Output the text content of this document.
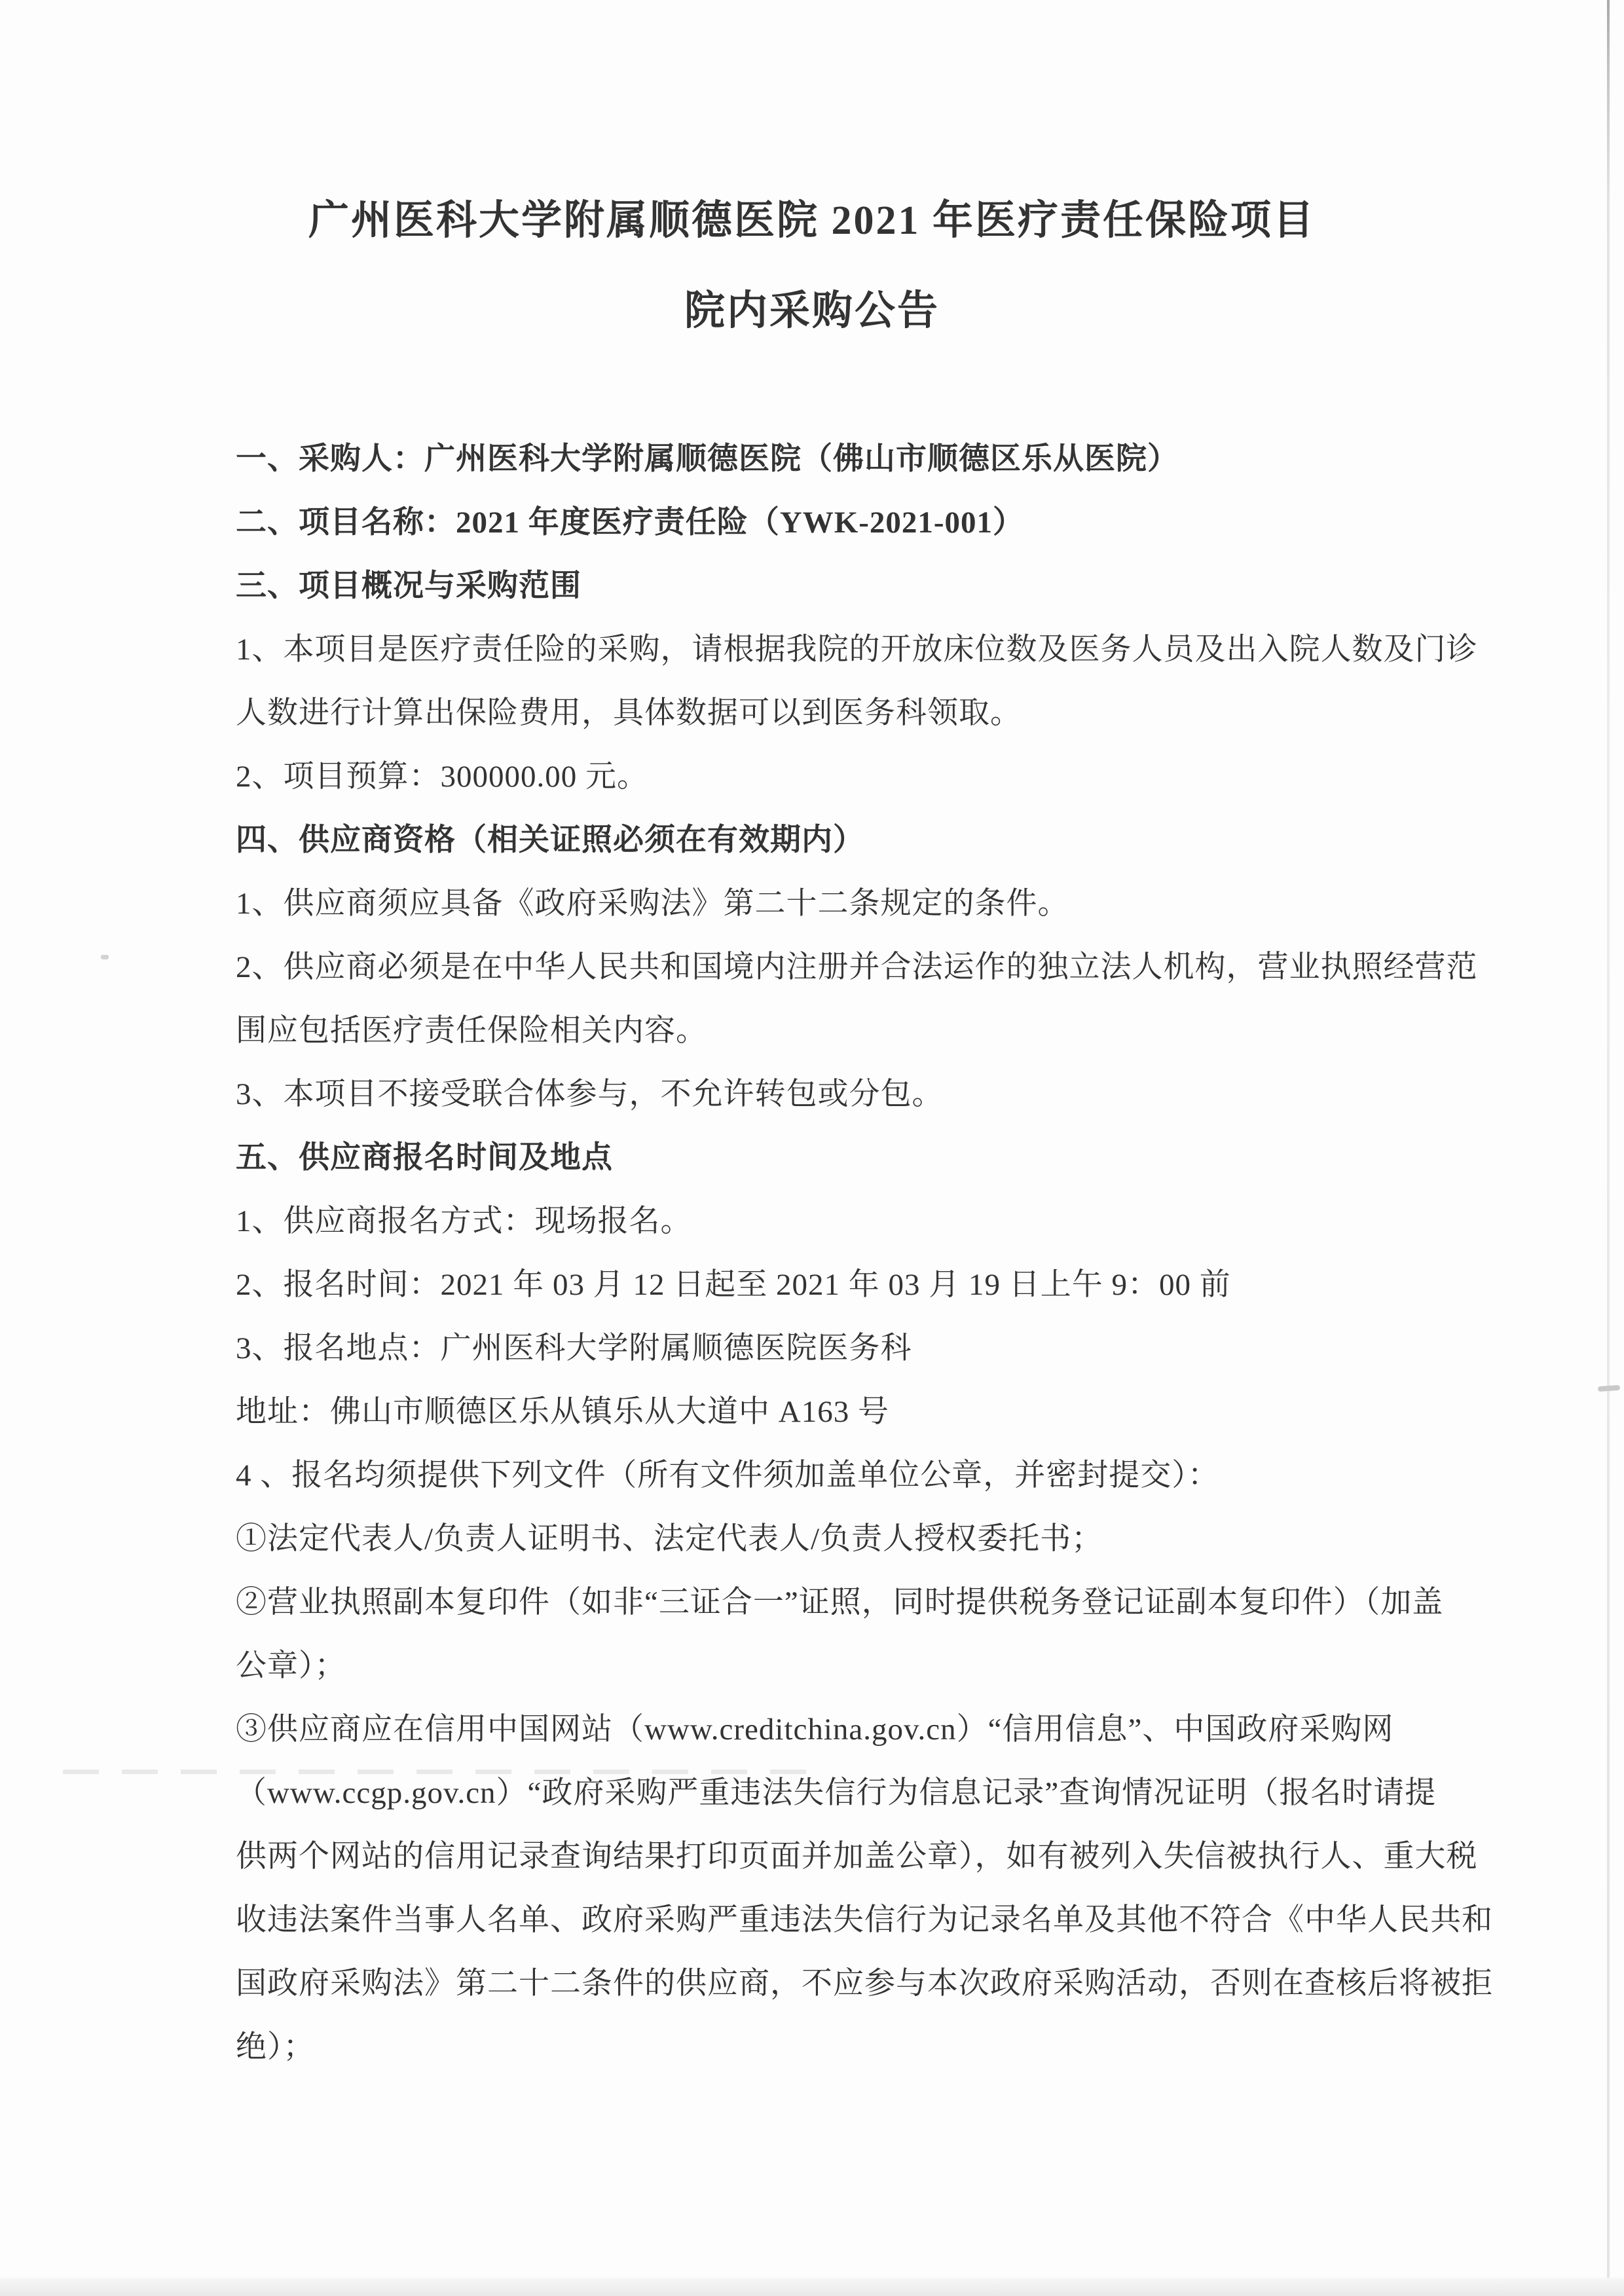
广州医科大学附属顺德医院 2021 年医疗责任保险项目
院内采购公告
一、采购人：广州医科大学附属顺德医院（佛山市顺德区乐从医院）
二、项目名称：2021 年度医疗责任险（YWK-2021-001）
三、项目概况与采购范围
1、本项目是医疗责任险的采购，请根据我院的开放床位数及医务人员及出入院人数及门诊
人数进行计算出保险费用，具体数据可以到医务科领取。
2、项目预算：300000.00 元。
四、供应商资格（相关证照必须在有效期内）
1、供应商须应具备《政府采购法》第二十二条规定的条件。
2、供应商必须是在中华人民共和国境内注册并合法运作的独立法人机构，营业执照经营范
围应包括医疗责任保险相关内容。
3、本项目不接受联合体参与，不允许转包或分包。
五、供应商报名时间及地点
1、供应商报名方式：现场报名。
2、报名时间：2021 年 03 月 12 日起至 2021 年 03 月 19 日上午 9：00 前
3、报名地点：广州医科大学附属顺德医院医务科
地址：佛山市顺德区乐从镇乐从大道中 A163 号
4 、报名均须提供下列文件（所有文件须加盖单位公章，并密封提交）：
①法定代表人/负责人证明书、法定代表人/负责人授权委托书；
②营业执照副本复印件（如非“三证合一”证照，同时提供税务登记证副本复印件）（加盖
公章）；
③供应商应在信用中国网站（www.creditchina.gov.cn）“信用信息”、中国政府采购网
（www.ccgp.gov.cn）“政府采购严重违法失信行为信息记录”查询情况证明（报名时请提
供两个网站的信用记录查询结果打印页面并加盖公章），如有被列入失信被执行人、重大税
收违法案件当事人名单、政府采购严重违法失信行为记录名单及其他不符合《中华人民共和
国政府采购法》第二十二条件的供应商，不应参与本次政府采购活动，否则在查核后将被拒
绝）；
